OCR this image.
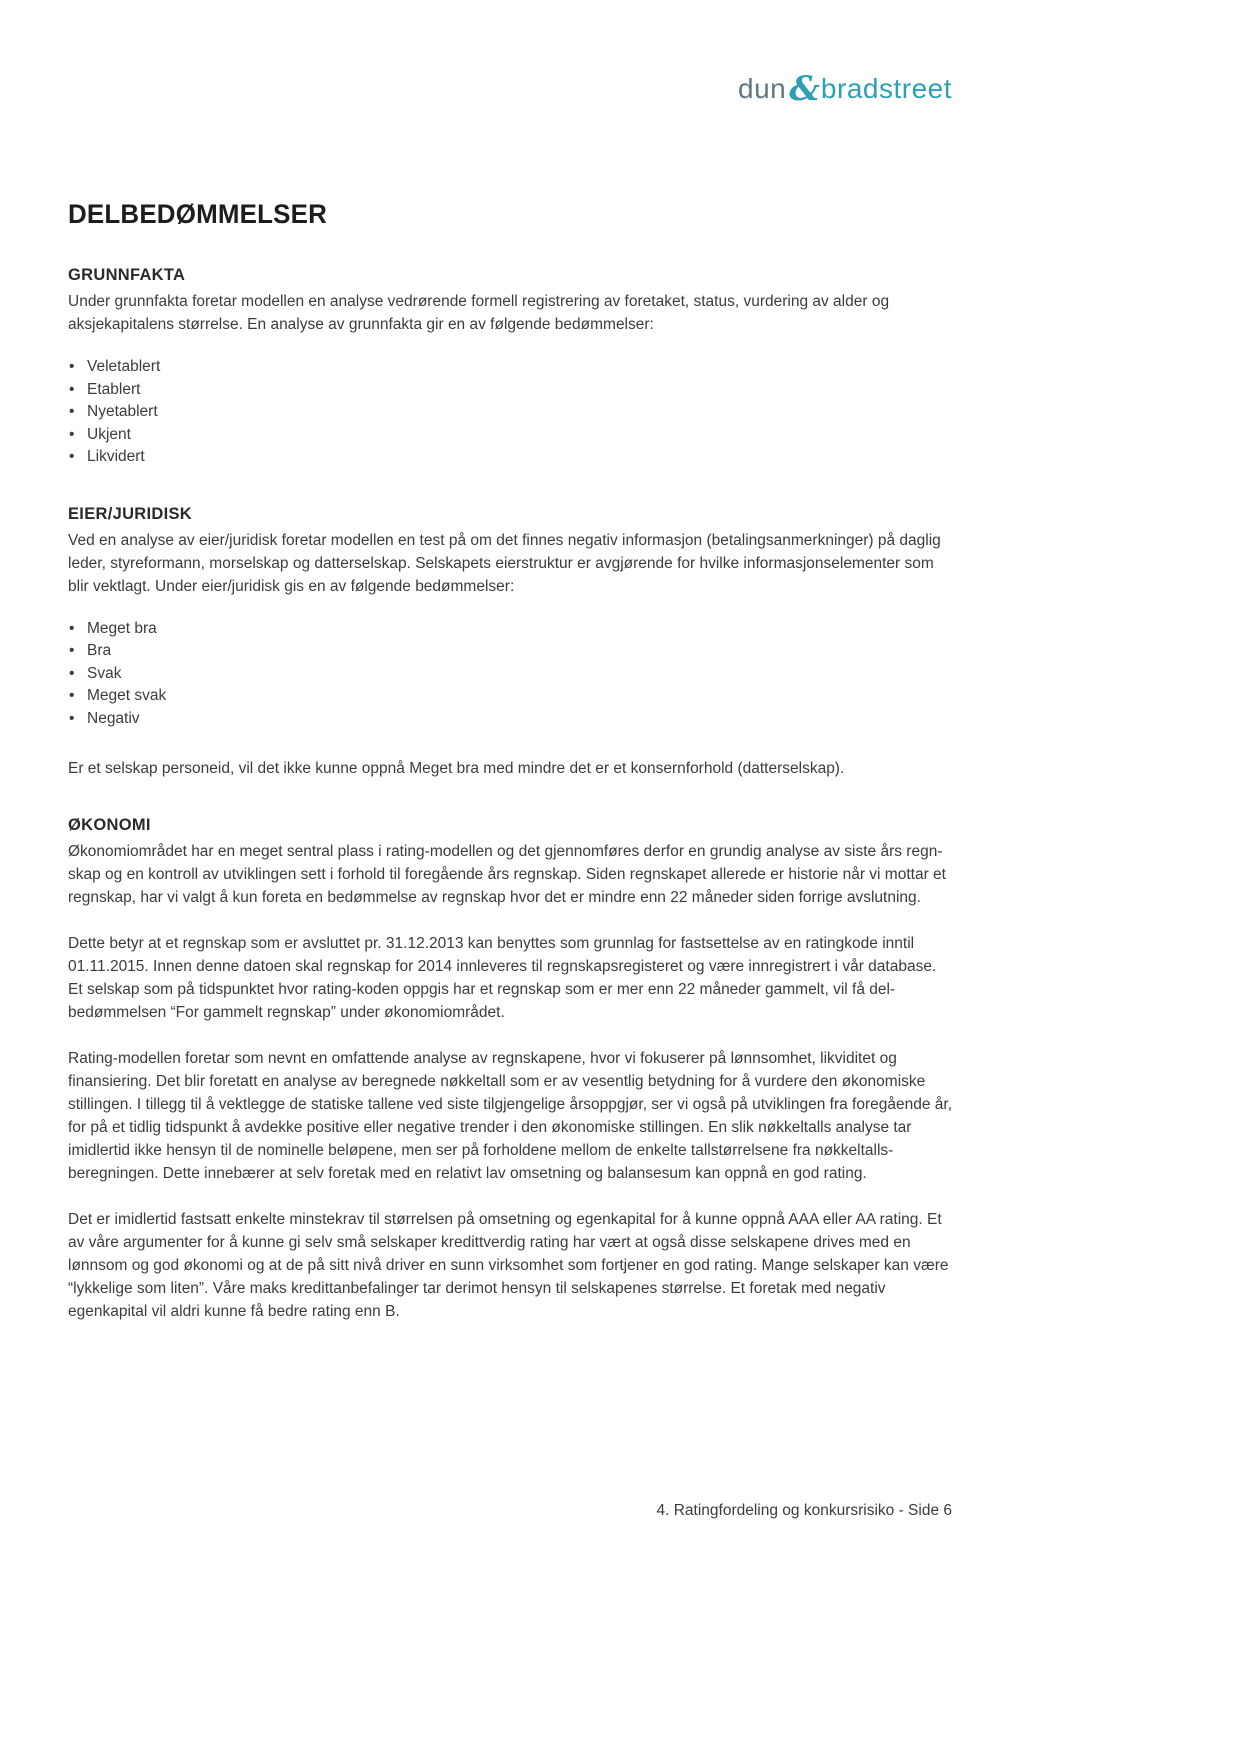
dun&bradstreet
DELBEDØMMELSER
GRUNNFAKTA

Under grunnfakta foretar modellen en analyse vedrørende formell registrering av foretaket, status, vurdering av alder og aksjekapitalens størrelse. En analyse av grunnfakta gir en av følgende bedømmelser:

• Veletablert
• Etablert
• Nyetablert
• Ukjent
• Likvidert
EIER/JURIDISK

Ved en analyse av eier/juridisk foretar modellen en test på om det finnes negativ informasjon (betalingsanmerkninger) på daglig leder, styreformann, morselskap og datterselskap. Selskapets eierstruktur er avgjørende for hvilke informasjonselementer som blir vektlagt. Under eier/juridisk gis en av følgende bedømmelser:

• Meget bra
• Bra
• Svak
• Meget svak
• Negativ

Er et selskap personeid, vil det ikke kunne oppnå Meget bra med mindre det er et konsernforhold (datterselskap).

ØKONOMI

Økonomiområdet har en meget sentral plass i rating-modellen og det gjennomføres derfor en grundig analyse av siste års regn- skap og en kontroll av utviklingen sett i forhold til foregående års regnskap. Siden regnskapet allerede er historie når vi mottar et regnskap, har vi valgt å kun foreta en bedømmelse av regnskap hvor det er mindre enn 22 måneder siden forrige avslutning.

Dette betyr at et regnskap som er avsluttet pr. 31.12.2013 kan benyttes som grunnlag for fastsettelse av en ratingkode inntil 01.11.2015. Innen denne datoen skal regnskap for 2014 innleveres til regnskapsregisteret og være innregistrert i vår database. Et selskap som på tidspunktet hvor rating-koden oppgis har et regnskap som er mer enn 22 måneder gammelt, vil få del- bedømmelsen “For gammelt regnskap” under økonomiområdet.

Rating-modellen foretar som nevnt en omfattende analyse av regnskapene, hvor vi fokuserer på lønnsomhet, likviditet og finansiering. Det blir foretatt en analyse av beregnede nøkkeltall som er av vesentlig betydning for å vurdere den økonomiske stillingen. I tillegg til å vektlegge de statiske tallene ved siste tilgjengelige årsoppgjør, ser vi også på utviklingen fra foregående år, for på et tidlig tidspunkt å avdekke positive eller negative trender i den økonomiske stillingen. En slik nøkkeltalls analyse tar imidlertid ikke hensyn til de nominelle beløpene, men ser på forholdene mellom de enkelte tallstørrelsene fra nøkkeltalls- beregningen. Dette innebærer at selv foretak med en relativt lav omsetning og balansesum kan oppnå en god rating.

Det er imidlertid fastsatt enkelte minstekrav til størrelsen på omsetning og egenkapital for å kunne oppnå AAA eller AA rating. Et av våre argumenter for å kunne gi selv små selskaper kredittverdig rating har vært at også disse selskapene drives med en lønnsom og god økonomi og at de på sitt nivå driver en sunn virksomhet som fortjener en god rating. Mange selskaper kan være “lykkelige som liten”. Våre maks kredittanbefalinger tar derimot hensyn til selskapenes størrelse. Et foretak med negativ egenkapital vil aldri kunne få bedre rating enn B.

4. Ratingfordeling og konkursrisiko - Side 6
